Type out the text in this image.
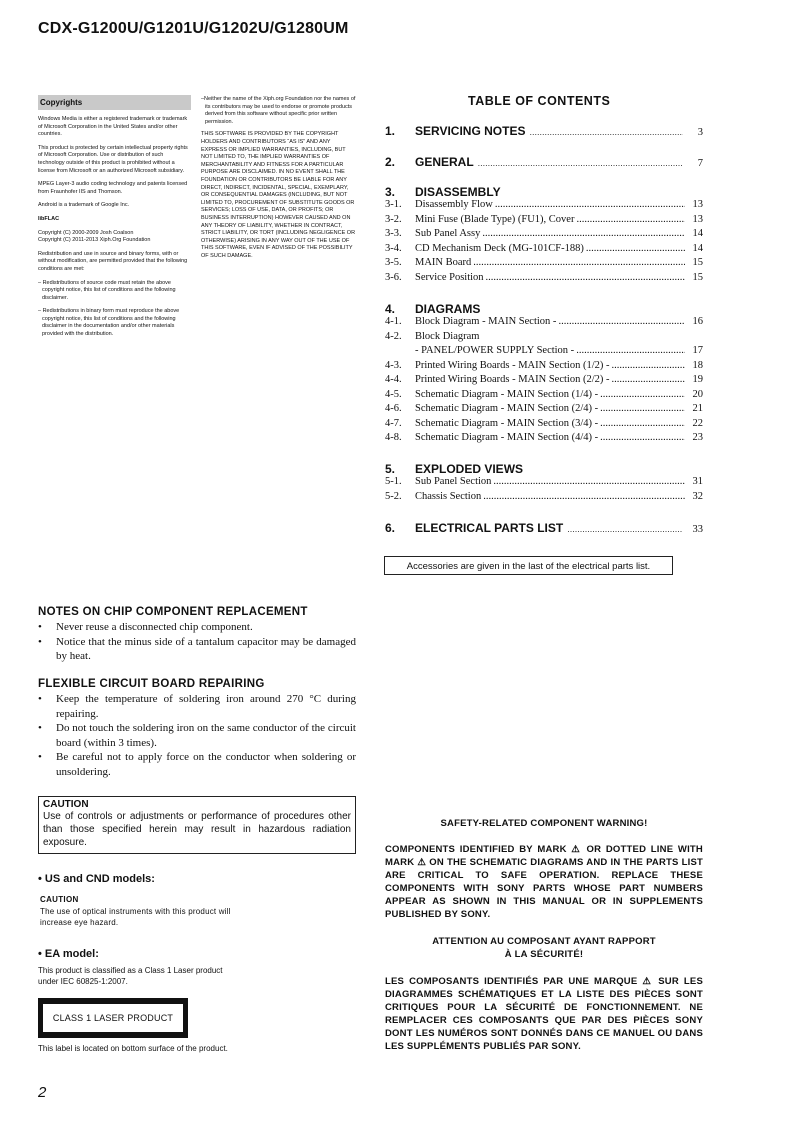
CDX-G1200U/G1201U/G1202U/G1280UM
Copyrights

Windows Media is either a registered trademark or trademark of Microsoft Corporation in the United States and/or other countries.

This product is protected by certain intellectual property rights of Microsoft Corporation. Use or distribution of such technology outside of this product is prohibited without a license from Microsoft or an authorized Microsoft subsidiary.

MPEG Layer-3 audio coding technology and patents licensed from Fraunhofer IIS and Thomson.

Android is a trademark of Google Inc.

libFLAC

Copyright (C) 2000-2009 Josh Coalson

Copyright (C) 2011-2013 Xiph.Org Foundation

Redistribution and use in source and binary forms, with or without modification, are permitted provided that the following conditions are met:

– Redistributions of source code must retain the above copyright notice, this list of conditions and the following disclaimer.

– Redistributions in binary form must reproduce the above copyright notice, this list of conditions and the following disclaimer in the documentation and/or other materials provided with the distribution.

–Neither the name of the Xiph.org Foundation nor the names of its contributors may be used to endorse or promote products derived from this software without specific prior written permission.

THIS SOFTWARE IS PROVIDED BY THE COPYRIGHT HOLDERS AND CONTRIBUTORS “AS IS” AND ANY EXPRESS OR IMPLIED WARRANTIES, INCLUDING, BUT NOT LIMITED TO, THE IMPLIED WARRANTIES OF MERCHANTABILITY AND FITNESS FOR A PARTICULAR PURPOSE ARE DISCLAIMED. IN NO EVENT SHALL THE FOUNDATION OR CONTRIBUTORS BE LIABLE FOR ANY DIRECT, INDIRECT, INCIDENTAL, SPECIAL, EXEMPLARY, OR CONSEQUENTIAL DAMAGES (INCLUDING, BUT NOT LIMITED TO, PROCUREMENT OF SUBSTITUTE GOODS OR SERVICES; LOSS OF USE, DATA, OR PROFITS; OR BUSINESS INTERRUPTION) HOWEVER CAUSED AND ON ANY THEORY OF LIABILITY, WHETHER IN CONTRACT, STRICT LIABILITY, OR TORT (INCLUDING NEGLIGENCE OR OTHERWISE) ARISING IN ANY WAY OUT OF THE USE OF THIS SOFTWARE, EVEN IF ADVISED OF THE POSSIBILITY OF SUCH DAMAGE.

TABLE OF CONTENTS
1.	SERVICING NOTES .....	3
2.	GENERAL .....	7
3.	DISASSEMBLY
3-1.	Disassembly Flow .....	13
3-2.	Mini Fuse (Blade Type) (FU1), Cover .....	13
3-3.	Sub Panel Assy .....	14
3-4.	CD Mechanism Deck (MG-101CF-188) .....	14
3-5.	MAIN Board .....	15
3-6.	Service Position .....	15
4.	DIAGRAMS
4-1.	Block Diagram - MAIN Section - .....	16
4-2.	Block Diagram
- PANEL/POWER SUPPLY Section - .....	17
4-3.	Printed Wiring Boards - MAIN Section (1/2) - .....	18
4-4.	Printed Wiring Boards - MAIN Section (2/2) - .....	19
4-5.	Schematic Diagram - MAIN Section (1/4) - .....	20
4-6.	Schematic Diagram - MAIN Section (2/4) - .....	21
4-7.	Schematic Diagram - MAIN Section (3/4) - .....	22
4-8.	Schematic Diagram - MAIN Section (4/4) - .....	23
5.	EXPLODED VIEWS
5-1.	Sub Panel Section .....	31
5-2.	Chassis Section .....	32
6.	ELECTRICAL PARTS LIST .....	33
Accessories are given in the last of the electrical parts list.
NOTES ON CHIP COMPONENT REPLACEMENT
•	Never reuse a disconnected chip component.
•	Notice that the minus side of a tantalum capacitor may be damaged by heat.
FLEXIBLE CIRCUIT BOARD REPAIRING
•	Keep the temperature of soldering iron around 270 °C during repairing.
•	Do not touch the soldering iron on the same conductor of the circuit board (within 3 times).
•	Be careful not to apply force on the conductor when soldering or unsoldering.
CAUTION
Use of controls or adjustments or performance of procedures other than those specified herein may result in hazardous radiation exposure.
• US and CND models:
CAUTION
The use of optical instruments with this product will increase eye hazard.
• EA model:
This product is classified as a Class 1 Laser product under IEC 60825-1:2007.
CLASS 1 LASER PRODUCT
This label is located on bottom surface of the product.
2
SAFETY-RELATED COMPONENT WARNING!
COMPONENTS IDENTIFIED BY MARK ⚠ OR DOTTED LINE WITH MARK ⚠ ON THE SCHEMATIC DIAGRAMS AND IN THE PARTS LIST ARE CRITICAL TO SAFE OPERATION. REPLACE THESE COMPONENTS WITH SONY PARTS WHOSE PART NUMBERS APPEAR AS SHOWN IN THIS MANUAL OR IN SUPPLEMENTS PUBLISHED BY SONY.
ATTENTION AU COMPOSANT AYANT RAPPORT
À LA SÉCURITÉ!
LES COMPOSANTS IDENTIFIÉS PAR UNE MARQUE ⚠ SUR LES DIAGRAMMES SCHÉMATIQUES ET LA LISTE DES PIÈCES SONT CRITIQUES POUR LA SÉCURITÉ DE FONCTIONNEMENT. NE REMPLACER CES COMPOSANTS QUE PAR DES PIÈCES SONY DONT LES NUMÉROS SONT DONNÉS DANS CE MANUEL OU DANS LES SUPPLÉMENTS PUBLIÉS PAR SONY.
